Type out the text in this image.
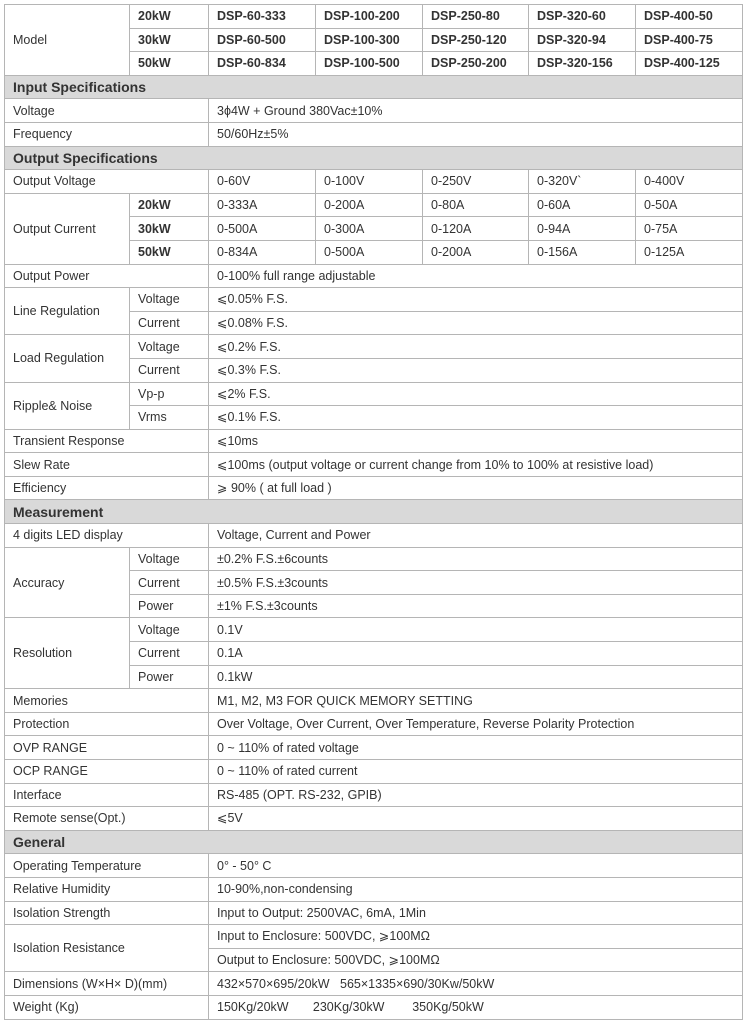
Model	20kW	DSP-60-333	DSP-100-200	DSP-250-80	DSP-320-60	DSP-400-50
	30kW	DSP-60-500	DSP-100-300	DSP-250-120	DSP-320-94	DSP-400-75
	50kW	DSP-60-834	DSP-100-500	DSP-250-200	DSP-320-156	DSP-400-125
Input Specifications						
Voltage		3ϕ4W + Ground 380Vac±10%				
Frequency		50/60Hz±5%				
Output Specifications						
Output Voltage		0-60V	0-100V	0-250V	0-320V`	0-400V
Output Current	20kW	0-333A	0-200A	0-80A	0-60A	0-50A
	30kW	0-500A	0-300A	0-120A	0-94A	0-75A
	50kW	0-834A	0-500A	0-200A	0-156A	0-125A
Output Power		0-100% full range adjustable				
Line Regulation	Voltage	⩽0.05% F.S.				
	Current	⩽0.08% F.S.				
Load Regulation	Voltage	⩽0.2% F.S.				
	Current	⩽0.3% F.S.				
Ripple& Noise	Vp-p	⩽2% F.S.				
	Vrms	⩽0.1% F.S.				
Transient Response		⩽10ms				
Slew Rate		⩽100ms (output voltage or current change from 10% to 100% at resistive load)				
Efficiency		⩾ 90% ( at full load )				
Measurement						
4 digits LED display		Voltage, Current and Power				
Accuracy	Voltage	±0.2% F.S.±6counts				
	Current	±0.5% F.S.±3counts				
	Power	±1% F.S.±3counts				
Resolution	Voltage	0.1V				
	Current	0.1A				
	Power	0.1kW				
Memories		M1, M2, M3 FOR QUICK MEMORY SETTING				
Protection		Over Voltage, Over Current, Over Temperature, Reverse Polarity Protection				
OVP RANGE		0 ~ 110% of rated voltage				
OCP RANGE		0 ~ 110% of rated current				
Interface		RS-485 (OPT. RS-232, GPIB)				
Remote sense(Opt.)		⩽5V				
General						
Operating Temperature		0° - 50° C				
Relative Humidity		10-90%,non-condensing				
Isolation Strength		Input to Output: 2500VAC, 6mA, 1Min				
Isolation Resistance		Input to Enclosure: 500VDC, ⩾100MΩ				
		Output to Enclosure: 500VDC, ⩾100MΩ				
Dimensions (W×H× D)(mm)		432×570×695/20kW   565×1335×690/30Kw/50kW				
Weight (Kg)		150Kg/20kW       230Kg/30kW        350Kg/50kW				
